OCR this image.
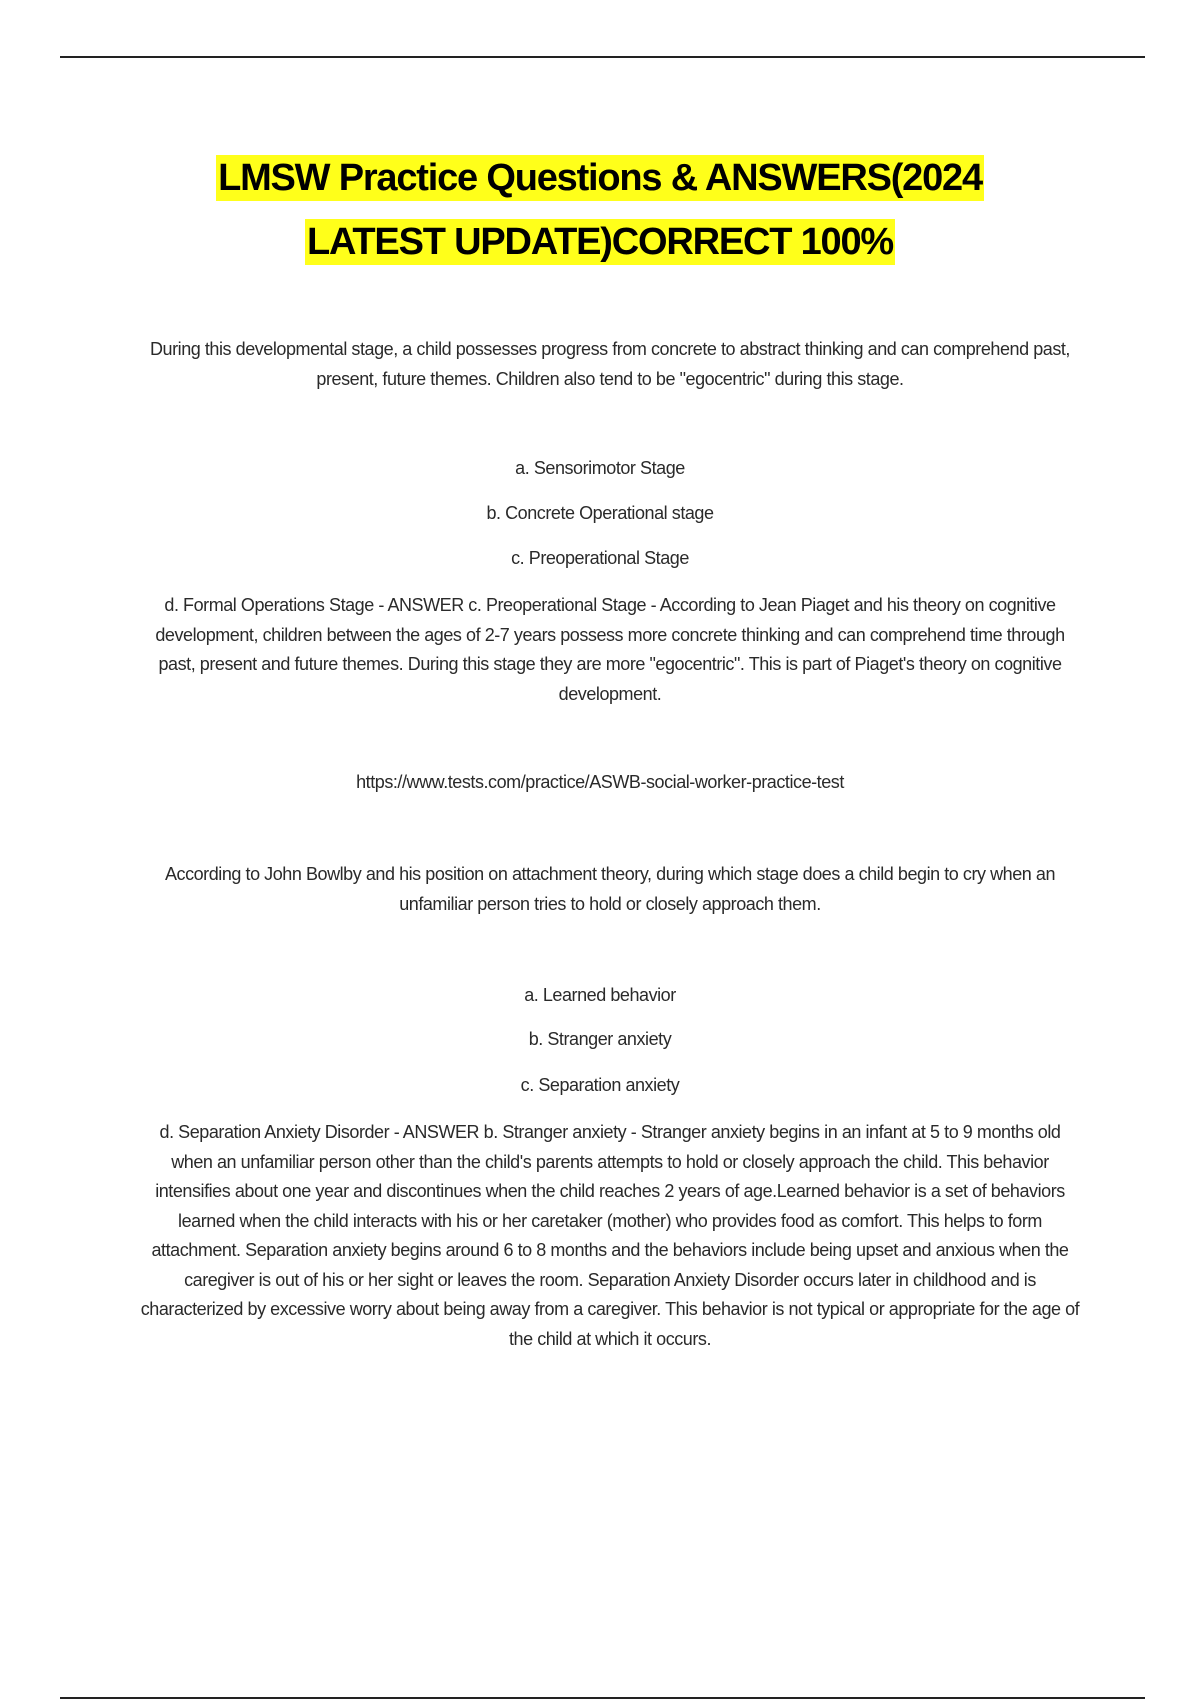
LMSW Practice Questions & ANSWERS(2024
LATEST UPDATE)CORRECT 100%
During this developmental stage, a child possesses progress from concrete to abstract thinking and can comprehend past, present, future themes. Children also tend to be "egocentric" during this stage.
a. Sensorimotor Stage
b. Concrete Operational stage
c. Preoperational Stage
d. Formal Operations Stage - ANSWER c. Preoperational Stage - According to Jean Piaget and his theory on cognitive development, children between the ages of 2-7 years possess more concrete thinking and can comprehend time through past, present and future themes. During this stage they are more "egocentric". This is part of Piaget's theory on cognitive development.
https://www.tests.com/practice/ASWB-social-worker-practice-test
According to John Bowlby and his position on attachment theory, during which stage does a child begin to cry when an unfamiliar person tries to hold or closely approach them.
a. Learned behavior
b. Stranger anxiety
c. Separation anxiety
d. Separation Anxiety Disorder - ANSWER b. Stranger anxiety - Stranger anxiety begins in an infant at 5 to 9 months old when an unfamiliar person other than the child's parents attempts to hold or closely approach the child. This behavior intensifies about one year and discontinues when the child reaches 2 years of age.Learned behavior is a set of behaviors learned when the child interacts with his or her caretaker (mother) who provides food as comfort. This helps to form attachment. Separation anxiety begins around 6 to 8 months and the behaviors include being upset and anxious when the caregiver is out of his or her sight or leaves the room. Separation Anxiety Disorder occurs later in childhood and is characterized by excessive worry about being away from a caregiver. This behavior is not typical or appropriate for the age of the child at which it occurs.
